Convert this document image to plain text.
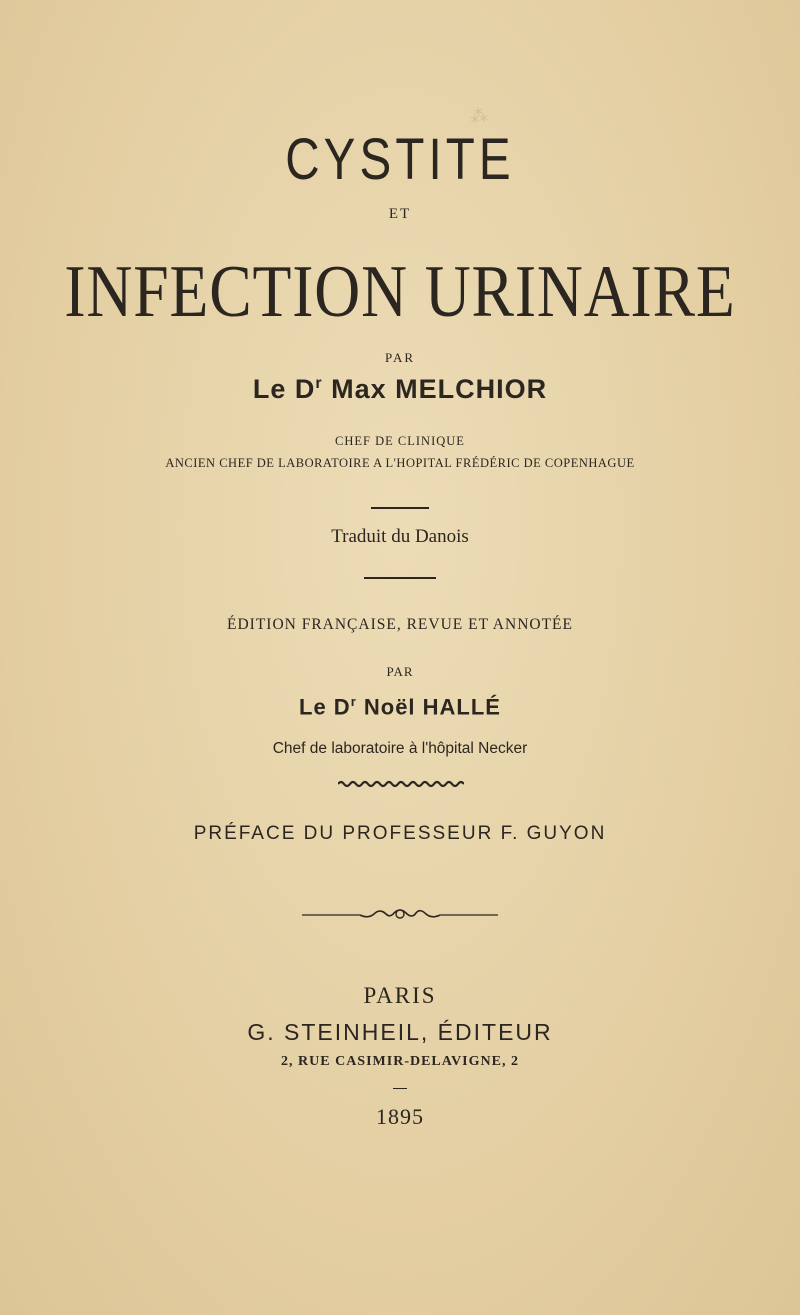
⁂
CYSTITE
ET
INFECTION URINAIRE
PAR
Le $D^r$ Max MELCHIOR
CHEF DE CLINIQUE
ANCIEN CHEF DE LABORATOIRE A L'HOPITAL FRÉDÉRIC DE COPENHAGUE
Traduit du Danois
ÉDITION FRANÇAISE, REVUE ET ANNOTÉE
PAR
Le $D^r$ Noël HALLÉ
Chef de laboratoire à l'hôpital Necker
PRÉFACE DU PROFESSEUR F. GUYON
PARIS
G. STEINHEIL, ÉDITEUR
2, RUE CASIMIR-DELAVIGNE, 2
1895
